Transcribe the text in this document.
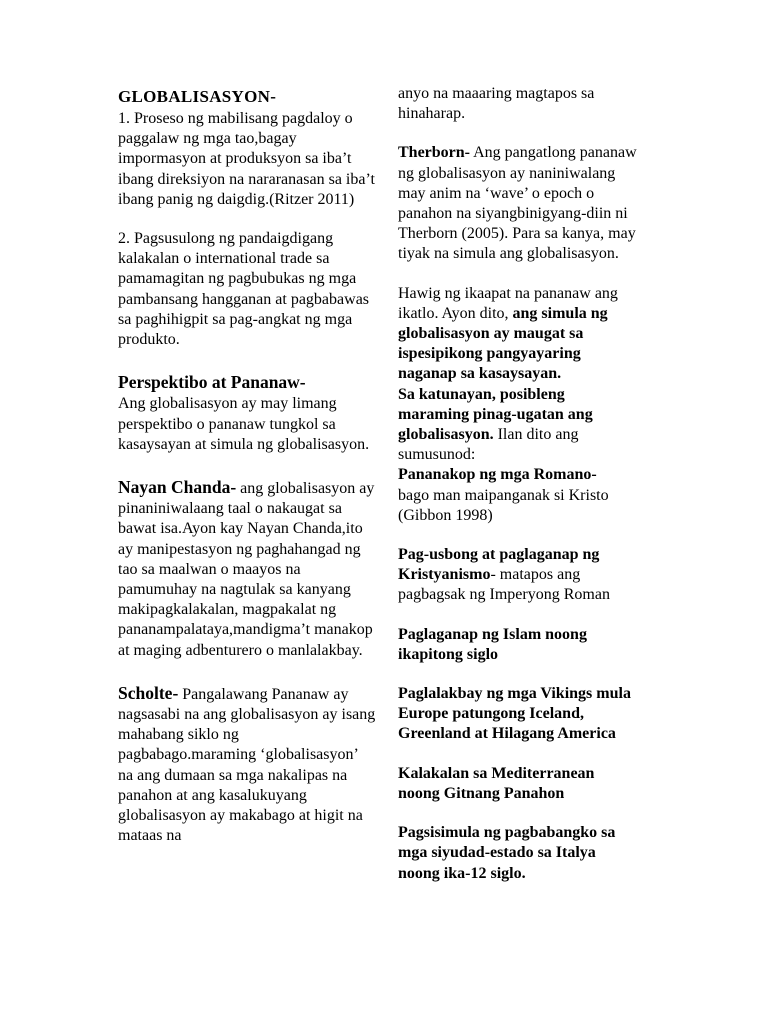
GLOBALISASYON-

1. Proseso ng mabilisang pagdaloy o paggalaw ng mga tao,bagay impormasyon at produksyon sa iba’t ibang direksiyon na nararanasan sa iba’t ibang panig ng daigdig.(Ritzer 2011)

2. Pagsusulong ng pandaigdigang kalakalan o international trade sa pamamagitan ng pagbubukas ng mga pambansang hangganan at pagbabawas sa paghihigpit sa pag-angkat ng mga produkto.

Perspektibo at Pananaw-
Ang globalisasyon ay may limang perspektibo o pananaw tungkol sa kasaysayan at simula ng globalisasyon.

Nayan Chanda- ang globalisasyon ay pinaniniwalaang taal o nakaugat sa bawat isa.Ayon kay Nayan Chanda,ito ay manipestasyon ng paghahangad ng tao sa maalwan o maayos na pamumuhay na nagtulak sa kanyang makipagkalakalan, magpakalat ng pananampalataya,mandigma’t manakop at maging adbenturero o manlalakbay.

Scholte- Pangalawang Pananaw ay nagsasabi na ang globalisasyon ay isang mahabang siklo ng pagbabago.maraming ‘globalisasyon’ na ang dumaan sa mga nakalipas na panahon at ang kasalukuyang globalisasyon ay makabago at higit na mataas na

anyo na maaaring magtapos sa hinaharap.

Therborn- Ang pangatlong pananaw ng globalisasyon ay naniniwalang may anim na ‘wave’ o epoch o panahon na siyangbinigyang-diin ni Therborn (2005). Para sa kanya, may tiyak na simula ang globalisasyon.

Hawig ng ikaapat na pananaw ang ikatlo. Ayon dito, ang simula ng globalisasyon ay maugat sa ispesipikong pangyayaring naganap sa kasaysayan.
Sa katunayan, posibleng maraming pinag-ugatan ang globalisasyon. Ilan dito ang sumusunod:
Pananakop ng mga Romano-
bago man maipanganak si Kristo (Gibbon 1998)

Pag-usbong at paglaganap ng Kristyanismo- matapos ang pagbagsak ng Imperyong Roman

Paglaganap ng Islam noong ikapitong siglo

Paglalakbay ng mga Vikings mula Europe patungong Iceland, Greenland at Hilagang America

Kalakalan sa Mediterranean noong Gitnang Panahon

Pagsisimula ng pagbabangko sa mga siyudad-estado sa Italya noong ika-12 siglo.
